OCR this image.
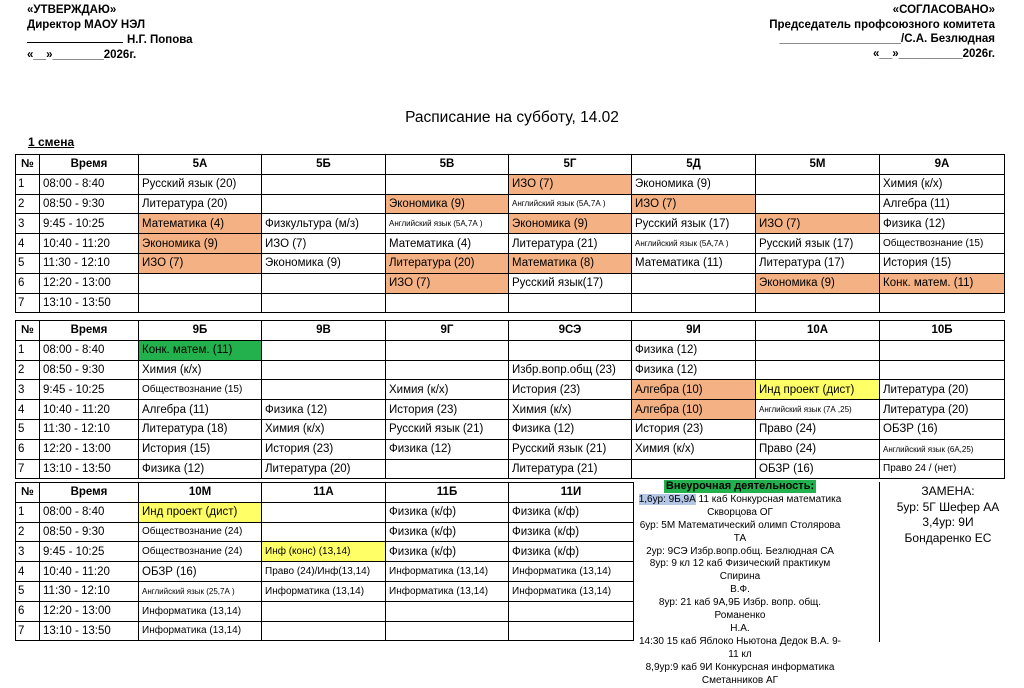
«УТВЕРЖДАЮ»
Директор МАОУ НЭЛ
Н.Г. Попова
«__»________2026г.
«СОГЛАСОВАНО»
Председатель профсоюзного комитета
___________________/С.А. Безлюдная
«__»__________2026г.
Расписание на субботу, 14.02
1 смена
№	Время	5А	5Б	5В	5Г	5Д	5М	9А
1	08:00 - 8:40	Русский язык (20)			ИЗО (7)	Экономика (9)		Химия (к/х)
2	08:50 - 9:30	Литература (20)		Экономика (9)	Английский язык (5А,7А )	ИЗО (7)		Алгебра (11)
3	9:45 - 10:25	Математика (4)	Физкультура (м/з)	Английский язык (5А,7А )	Экономика (9)	Русский язык (17)	ИЗО (7)	Физика (12)
4	10:40 - 11:20	Экономика (9)	ИЗО (7)	Математика (4)	Литература (21)	Английский язык (5А,7А )	Русский язык (17)	Обществознание (15)
5	11:30 - 12:10	ИЗО (7)	Экономика (9)	Литература (20)	Математика (8)	Математика (11)	Литература (17)	История (15)
6	12:20 - 13:00			ИЗО (7)	Русский язык(17)		Экономика (9)	Конк. матем. (11)
7	13:10 - 13:50							
№	Время	9Б	9В	9Г	9СЭ	9И	10А	10Б
1	08:00 - 8:40	Конк. матем. (11)				Физика (12)		
2	08:50 - 9:30	Химия (к/х)			Избр.вопр.общ (23)	Физика (12)		
3	9:45 - 10:25	Обществознание (15)		Химия (к/х)	История (23)	Алгебра (10)	Инд проект (дист)	Литература (20)
4	10:40 - 11:20	Алгебра (11)	Физика (12)	История (23)	Химия (к/х)	Алгебра (10)	Английский язык (7А ,25)	Литература (20)
5	11:30 - 12:10	Литература (18)	Химия (к/х)	Русский язык (21)	Физика (12)	История (23)	Право (24)	ОБЗР (16)
6	12:20 - 13:00	История (15)	История (23)	Физика (12)	Русский язык (21)	Химия (к/х)	Право (24)	Английский язык (6А,25)
7	13:10 - 13:50	Физика (12)	Литература (20)		Литература (21)		ОБЗР (16)	Право 24 / (нет)
№	Время	10М	11А	11Б	11И
1	08:00 - 8:40	Инд проект (дист)		Физика (к/ф)	Физика (к/ф)
2	08:50 - 9:30	Обществознание (24)		Физика (к/ф)	Физика (к/ф)
3	9:45 - 10:25	Обществознание (24)	Инф (конс) (13,14)	Физика (к/ф)	Физика (к/ф)
4	10:40 - 11:20	ОБЗР (16)	Право (24)/Инф(13,14)	Информатика (13,14)	Информатика (13,14)
5	11:30 - 12:10	Английский язык (25,7А )	Информатика (13,14)	Информатика (13,14)	Информатика (13,14)
6	12:20 - 13:00	Информатика (13,14)			
7	13:10 - 13:50	Информатика (13,14)			
Внеурочная деятельность:
1,6ур: 9Б,9А 11 каб Конкурсная математика
Скворцова ОГ
6ур: 5М Математический олимп Столярова ТА
2ур: 9СЭ Избр.вопр.общ. Безлюдная СА
8ур: 9 кл 12 каб Физический практикум Спирина
В.Ф.
8ур: 21 каб 9А,9Б Избр. вопр. общ. Романенко
Н.А.
14:30 15 каб Яблоко Ньютона Дедок В.А. 9-11 кл
8,9ур:9 каб 9И Конкурсная информатика
Сметанников АГ
ЗАМЕНА:
5ур: 5Г Шефер АА
3,4ур: 9И
Бондаренко ЕС
